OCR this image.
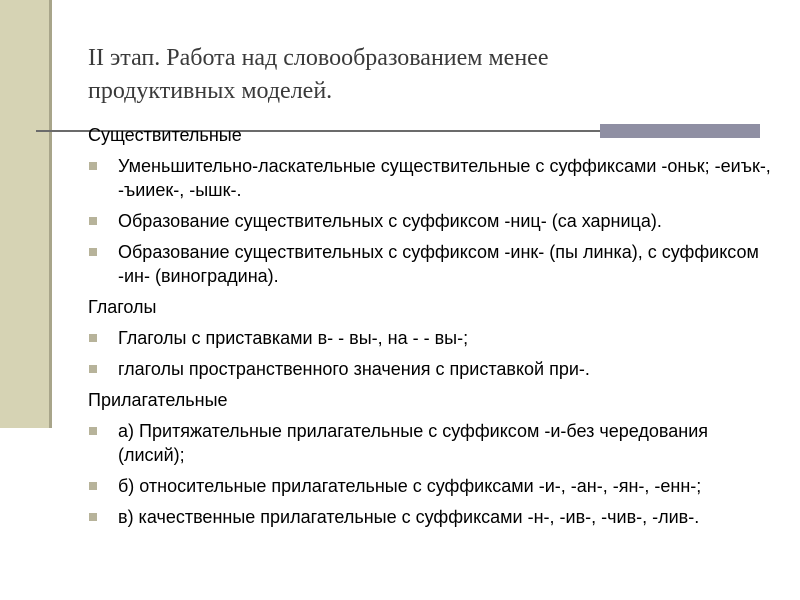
II этап. Работа над словообразованием менее продуктивных моделей.
Существительные
Уменьшительно-ласкательные существительные с суффиксами -оньк; -еиък-, -ъииек-, -ышк-.
Образование существительных с суффиксом -ниц- (са харница).
Образование существительных с суффиксом -инк- (пы линка), с суффиксом -ин- (виноградина).
Глаголы
Глаголы с приставками в- - вы-, на - - вы-;
глаголы пространственного значения с приставкой при-.
Прилагательные
а) Притяжательные прилагательные с суффиксом -и-без чередования (лисий);
б) относительные прилагательные с суффиксами -и-, -ан-, -ян-, -енн-;
в) качественные прилагательные с суффиксами -н-, -ив-, -чив-, -лив-.
